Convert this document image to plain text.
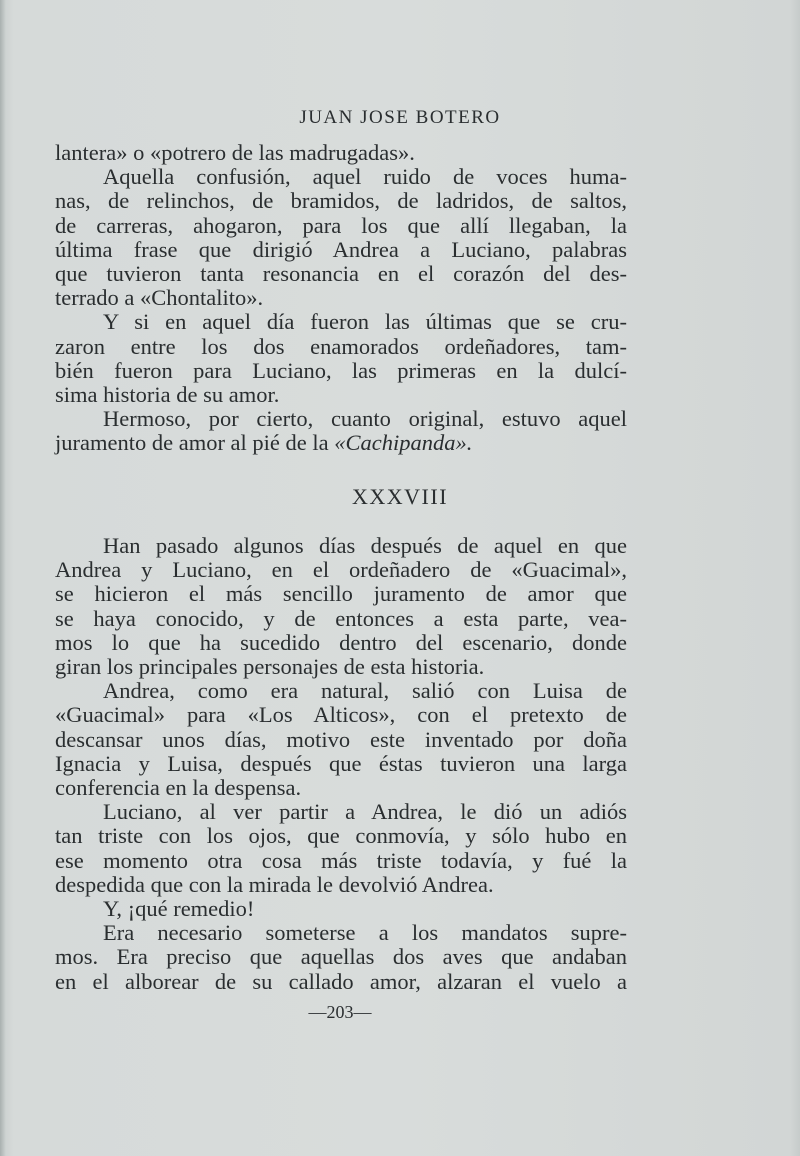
JUAN JOSE BOTERO
lantera» o «potrero de las madrugadas».
Aquella confusión, aquel ruido de voces huma-
nas, de relinchos, de bramidos, de ladridos, de saltos,
de carreras, ahogaron, para los que allí llegaban, la
última frase que dirigió Andrea a Luciano, palabras
que tuvieron tanta resonancia en el corazón del des-
terrado a «Chontalito».
Y si en aquel día fueron las últimas que se cru-
zaron entre los dos enamorados ordeñadores, tam-
bién fueron para Luciano, las primeras en la dulcí-
sima historia de su amor.
Hermoso, por cierto, cuanto original, estuvo aquel
juramento de amor al pié de la «Cachipanda».
XXXVIII
Han pasado algunos días después de aquel en que
Andrea y Luciano, en el ordeñadero de «Guacimal»,
se hicieron el más sencillo juramento de amor que
se haya conocido, y de entonces a esta parte, vea-
mos lo que ha sucedido dentro del escenario, donde
giran los principales personajes de esta historia.
Andrea, como era natural, salió con Luisa de
«Guacimal» para «Los Alticos», con el pretexto de
descansar unos días, motivo este inventado por doña
Ignacia y Luisa, después que éstas tuvieron una larga
conferencia en la despensa.
Luciano, al ver partir a Andrea, le dió un adiós
tan triste con los ojos, que conmovía, y sólo hubo en
ese momento otra cosa más triste todavía, y fué la
despedida que con la mirada le devolvió Andrea.
Y, ¡qué remedio!
Era necesario someterse a los mandatos supre-
mos. Era preciso que aquellas dos aves que andaban
en el alborear de su callado amor, alzaran el vuelo a
—203—
